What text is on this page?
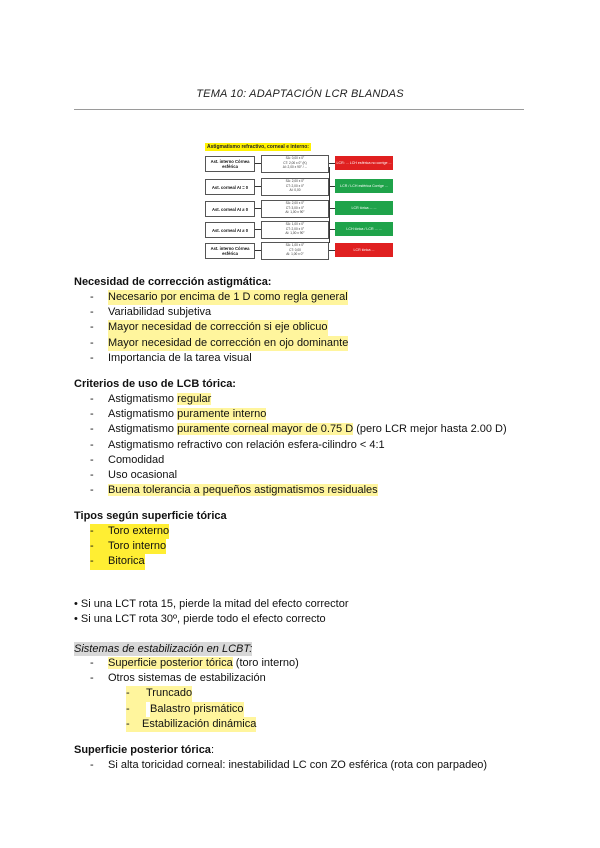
TEMA 10: ADAPTACIÓN LCR BLANDAS
Astigmatismo refractivo, corneal e interno:
Ast. interno Córnea esférica
SA: 0,00 x 0°
CT: 2,00 x 0° (K)
AI: 2,00 x 90° / ...
LCR: ... LCH esférica no corrige ...
Ast. corneal AI = 0
SA: 2,00 x 0°
CT: 2,00 x 0°
AI: 0,00
LCR / LCH esférica Corrige ...
Ast. corneal AI ≠ 0
SA: 2,00 x 0°
CT: 3,00 x 0°
AI: 1,00 x 90°
LCR tórica ... ...
Ast. corneal AI ≠ 0
SA: 1,00 x 0°
CT: 2,00 x 0°
AI: 1,00 x 90°
LCH tórica / LCR ... ...
Ast. interno Córnea esférica
SA: 1,00 x 0°
CT: 0,00
AI: 1,00 x 0°
LCR tórica ...
Necesidad de corrección astigmática:
-	Necesario por encima de 1 D como regla general
-	Variabilidad subjetiva
-	Mayor necesidad de corrección si eje oblicuo
-	Mayor necesidad de corrección en ojo dominante
-	Importancia de la tarea visual
Criterios de uso de LCB tórica:
-	Astigmatismo regular
-	Astigmatismo puramente interno
-	Astigmatismo puramente corneal mayor de 0.75 D (pero LCR mejor hasta 2.00 D)
-	Astigmatismo refractivo con relación esfera-cilindro < 4:1
-	Comodidad
-	Uso ocasional
-	Buena tolerancia a pequeños astigmatismos residuales
Tipos según superficie tórica
-	Toro externo
-	Toro interno
-	Bitorica
• Si una LCT rota 15, pierde la mitad del efecto corrector
• Si una LCT rota 30º, pierde todo el efecto correcto
Sistemas de estabilización en LCBT:
-	Superficie posterior tórica (toro interno)
-	Otros sistemas de estabilización
-	Truncado
-	Balastro prismático
-	Estabilización dinámica
Superficie posterior tórica:
-	Si alta toricidad corneal: inestabilidad LC con ZO esférica (rota con parpadeo)
